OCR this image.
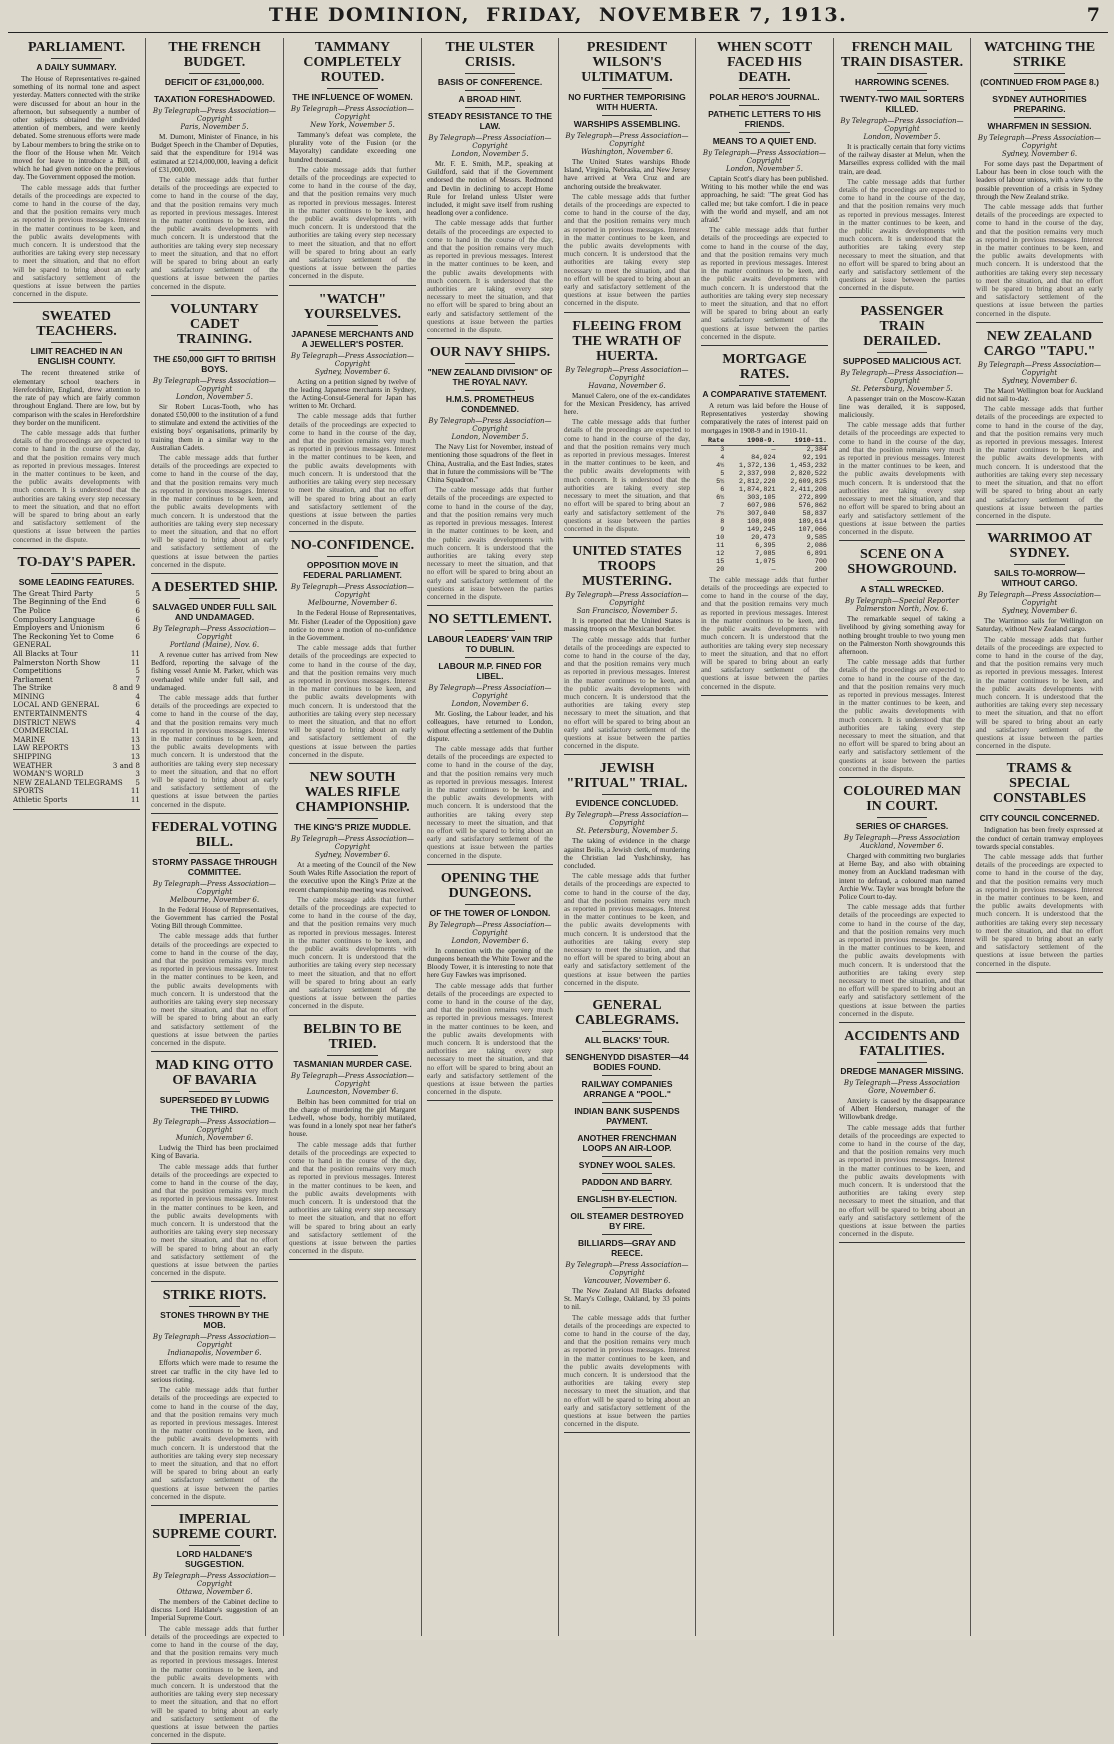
THE DOMINION, FRIDAY, NOVEMBER 7, 1913.	7
PARLIAMENT.
A DAILY SUMMARY.
The House of Representatives re-gained something of its normal tone and aspect yesterday. Matters connected with the strike were discussed for about an hour in the afternoon, but subsequently a number of other subjects obtained the undivided attention of members, and were keenly debated. Some strenuous efforts were made by Labour members to bring the strike on to the floor of the House when Mr. Veitch moved for leave to introduce a Bill, of which he had given notice on the previous day. The Government opposed the motion.
The cable message adds that further details of the proceedings are expected to come to hand in the course of the day, and that the position remains very much as reported in previous messages. Interest in the matter continues to be keen, and the public awaits developments with much concern. It is understood that the authorities are taking every step necessary to meet the situation, and that no effort will be spared to bring about an early and satisfactory settlement of the questions at issue between the parties concerned in the dispute.
SWEATED TEACHERS.
LIMIT REACHED IN AN ENGLISH COUNTY.
The recent threatened strike of elementary school teachers in Herefordshire, England, drew attention to the rate of pay which are fairly common throughout England. There are low, but by comparison with the scales in Herefordshire they border on the munificent.
The cable message adds that further details of the proceedings are expected to come to hand in the course of the day, and that the position remains very much as reported in previous messages. Interest in the matter continues to be keen, and the public awaits developments with much concern. It is understood that the authorities are taking every step necessary to meet the situation, and that no effort will be spared to bring about an early and satisfactory settlement of the questions at issue between the parties concerned in the dispute.
TO-DAY'S PAPER.
SOME LEADING FEATURES.
The Great Third Party	5
The Beginning of the End	6
The Police	6
Compulsory Language	6
Employers and Unionism	6
The Reckoning Yet to Come	6
GENERAL
All Blacks at Tour	11
Palmerston North Show	11
Competitions	5
Parliament	7
The Strike	8 and 9
MINING	4
LOCAL AND GENERAL	6
ENTERTAINMENTS	4
DISTRICT NEWS	4
COMMERCIAL	11
MARINE	13
LAW REPORTS	13
SHIPPING	13
WEATHER	3 and 8
WOMAN'S WORLD	3
NEW ZEALAND TELEGRAMS 5
SPORTS	11
Athletic Sports	11
THE FRENCH BUDGET.
DEFICIT OF £31,000,000.
TAXATION FORESHADOWED.
By Telegraph—Press Association—Copyright
Paris, November 5.
M. Dumont, Minister of Finance, in his Budget Speech in the Chamber of Deputies, said that the expenditure for 1914 was estimated at £214,000,000, leaving a deficit of £31,000,000.
The cable message adds that further details of the proceedings are expected to come to hand in the course of the day, and that the position remains very much as reported in previous messages. Interest in the matter continues to be keen, and the public awaits developments with much concern. It is understood that the authorities are taking every step necessary to meet the situation, and that no effort will be spared to bring about an early and satisfactory settlement of the questions at issue between the parties concerned in the dispute.
VOLUNTARY CADET TRAINING.
THE £50,000 GIFT TO BRITISH BOYS.
By Telegraph—Press Association—Copyright
London, November 5.
Sir Robert Lucas-Tooth, who has donated £50,000 to the institution of a fund to stimulate and extend the activities of the existing boys' organisations, primarily by training them in a similar way to the Australian Cadets.
The cable message adds that further details of the proceedings are expected to come to hand in the course of the day, and that the position remains very much as reported in previous messages. Interest in the matter continues to be keen, and the public awaits developments with much concern. It is understood that the authorities are taking every step necessary to meet the situation, and that no effort will be spared to bring about an early and satisfactory settlement of the questions at issue between the parties concerned in the dispute.
A DESERTED SHIP.
SALVAGED UNDER FULL SAIL AND UNDAMAGED.
By Telegraph—Press Association—Copyright
Portland (Maine), Nov. 6.
A revenue cutter has arrived from New Bedford, reporting the salvage of the fishing vessel Annie M. Parker, which was overhauled while under full sail, and undamaged.
The cable message adds that further details of the proceedings are expected to come to hand in the course of the day, and that the position remains very much as reported in previous messages. Interest in the matter continues to be keen, and the public awaits developments with much concern. It is understood that the authorities are taking every step necessary to meet the situation, and that no effort will be spared to bring about an early and satisfactory settlement of the questions at issue between the parties concerned in the dispute.
FEDERAL VOTING BILL.
STORMY PASSAGE THROUGH COMMITTEE.
By Telegraph—Press Association—Copyright
Melbourne, November 6.
In the Federal House of Representatives, the Government has carried the Postal Voting Bill through Committee.
The cable message adds that further details of the proceedings are expected to come to hand in the course of the day, and that the position remains very much as reported in previous messages. Interest in the matter continues to be keen, and the public awaits developments with much concern. It is understood that the authorities are taking every step necessary to meet the situation, and that no effort will be spared to bring about an early and satisfactory settlement of the questions at issue between the parties concerned in the dispute.
MAD KING OTTO OF BAVARIA
SUPERSEDED BY LUDWIG THE THIRD.
By Telegraph—Press Association—Copyright
Munich, November 6.
Ludwig the Third has been proclaimed King of Bavaria.
The cable message adds that further details of the proceedings are expected to come to hand in the course of the day, and that the position remains very much as reported in previous messages. Interest in the matter continues to be keen, and the public awaits developments with much concern. It is understood that the authorities are taking every step necessary to meet the situation, and that no effort will be spared to bring about an early and satisfactory settlement of the questions at issue between the parties concerned in the dispute.
STRIKE RIOTS.
STONES THROWN BY THE MOB.
By Telegraph—Press Association—Copyright
Indianapolis, November 6.
Efforts which were made to resume the street car traffic in the city have led to serious rioting.
The cable message adds that further details of the proceedings are expected to come to hand in the course of the day, and that the position remains very much as reported in previous messages. Interest in the matter continues to be keen, and the public awaits developments with much concern. It is understood that the authorities are taking every step necessary to meet the situation, and that no effort will be spared to bring about an early and satisfactory settlement of the questions at issue between the parties concerned in the dispute.
IMPERIAL SUPREME COURT.
LORD HALDANE'S SUGGESTION.
By Telegraph—Press Association—Copyright
Ottawa, November 6.
The members of the Cabinet decline to discuss Lord Haldane's suggestion of an Imperial Supreme Court.
The cable message adds that further details of the proceedings are expected to come to hand in the course of the day, and that the position remains very much as reported in previous messages. Interest in the matter continues to be keen, and the public awaits developments with much concern. It is understood that the authorities are taking every step necessary to meet the situation, and that no effort will be spared to bring about an early and satisfactory settlement of the questions at issue between the parties concerned in the dispute.
TAMMANY COMPLETELY ROUTED.
THE INFLUENCE OF WOMEN.
By Telegraph—Press Association—Copyright
New York, November 5.
Tammany's defeat was complete, the plurality vote of the Fusion (or the Mayoralty) candidate exceeding one hundred thousand.
The cable message adds that further details of the proceedings are expected to come to hand in the course of the day, and that the position remains very much as reported in previous messages. Interest in the matter continues to be keen, and the public awaits developments with much concern. It is understood that the authorities are taking every step necessary to meet the situation, and that no effort will be spared to bring about an early and satisfactory settlement of the questions at issue between the parties concerned in the dispute.
"WATCH" YOURSELVES.
JAPANESE MERCHANTS AND A JEWELLER'S POSTER.
By Telegraph—Press Association—Copyright
Sydney, November 6.
Acting on a petition signed by twelve of the leading Japanese merchants in Sydney, the Acting-Consul-General for Japan has written to Mr. Orchard.
The cable message adds that further details of the proceedings are expected to come to hand in the course of the day, and that the position remains very much as reported in previous messages. Interest in the matter continues to be keen, and the public awaits developments with much concern. It is understood that the authorities are taking every step necessary to meet the situation, and that no effort will be spared to bring about an early and satisfactory settlement of the questions at issue between the parties concerned in the dispute.
NO-CONFIDENCE.
OPPOSITION MOVE IN FEDERAL PARLIAMENT.
By Telegraph—Press Association—Copyright
Melbourne, November 6.
In the Federal House of Representatives, Mr. Fisher (Leader of the Opposition) gave notice to move a motion of no-confidence in the Government.
The cable message adds that further details of the proceedings are expected to come to hand in the course of the day, and that the position remains very much as reported in previous messages. Interest in the matter continues to be keen, and the public awaits developments with much concern. It is understood that the authorities are taking every step necessary to meet the situation, and that no effort will be spared to bring about an early and satisfactory settlement of the questions at issue between the parties concerned in the dispute.
NEW SOUTH WALES RIFLE CHAMPIONSHIP.
THE KING'S PRIZE MUDDLE.
By Telegraph—Press Association—Copyright
Sydney, November 6.
At a meeting of the Council of the New South Wales Rifle Association the report of the executive upon the King's Prize at the recent championship meeting was received.
The cable message adds that further details of the proceedings are expected to come to hand in the course of the day, and that the position remains very much as reported in previous messages. Interest in the matter continues to be keen, and the public awaits developments with much concern. It is understood that the authorities are taking every step necessary to meet the situation, and that no effort will be spared to bring about an early and satisfactory settlement of the questions at issue between the parties concerned in the dispute.
BELBIN TO BE TRIED.
TASMANIAN MURDER CASE.
By Telegraph—Press Association—Copyright
Launceston, November 6.
Belbin has been committed for trial on the charge of murdering the girl Margaret Ledwell, whose body, horribly mutilated, was found in a lonely spot near her father's house.
The cable message adds that further details of the proceedings are expected to come to hand in the course of the day, and that the position remains very much as reported in previous messages. Interest in the matter continues to be keen, and the public awaits developments with much concern. It is understood that the authorities are taking every step necessary to meet the situation, and that no effort will be spared to bring about an early and satisfactory settlement of the questions at issue between the parties concerned in the dispute.
THE ULSTER CRISIS.
BASIS OF CONFERENCE.
A BROAD HINT.
STEADY RESISTANCE TO THE LAW.
By Telegraph—Press Association—Copyright
London, November 5.
Mr. F. E. Smith, M.P., speaking at Guildford, said that if the Government endorsed the notion of Messrs. Redmond and Devlin in declining to accept Home Rule for Ireland unless Ulster were included, it might save itself from rushing headlong over a confidence.
The cable message adds that further details of the proceedings are expected to come to hand in the course of the day, and that the position remains very much as reported in previous messages. Interest in the matter continues to be keen, and the public awaits developments with much concern. It is understood that the authorities are taking every step necessary to meet the situation, and that no effort will be spared to bring about an early and satisfactory settlement of the questions at issue between the parties concerned in the dispute.
OUR NAVY SHIPS.
"NEW ZEALAND DIVISION" OF THE ROYAL NAVY.
H.M.S. PROMETHEUS CONDEMNED.
By Telegraph—Press Association—Copyright
London, November 5.
The Navy List for November, instead of mentioning those squadrons of the fleet in China, Australia, and the East Indies, states that in future the commissions will be "The China Squadron."
The cable message adds that further details of the proceedings are expected to come to hand in the course of the day, and that the position remains very much as reported in previous messages. Interest in the matter continues to be keen, and the public awaits developments with much concern. It is understood that the authorities are taking every step necessary to meet the situation, and that no effort will be spared to bring about an early and satisfactory settlement of the questions at issue between the parties concerned in the dispute.
NO SETTLEMENT.
LABOUR LEADERS' VAIN TRIP TO DUBLIN.
LABOUR M.P. FINED FOR LIBEL.
By Telegraph—Press Association—Copyright
London, November 6.
Mr. Gosling, the Labour leader, and his colleagues, have returned to London, without effecting a settlement of the Dublin dispute.
The cable message adds that further details of the proceedings are expected to come to hand in the course of the day, and that the position remains very much as reported in previous messages. Interest in the matter continues to be keen, and the public awaits developments with much concern. It is understood that the authorities are taking every step necessary to meet the situation, and that no effort will be spared to bring about an early and satisfactory settlement of the questions at issue between the parties concerned in the dispute.
OPENING THE DUNGEONS.
OF THE TOWER OF LONDON.
By Telegraph—Press Association—Copyright
London, November 6.
In connection with the opening of the dungeons beneath the White Tower and the Bloody Tower, it is interesting to note that here Guy Fawkes was imprisoned.
The cable message adds that further details of the proceedings are expected to come to hand in the course of the day, and that the position remains very much as reported in previous messages. Interest in the matter continues to be keen, and the public awaits developments with much concern. It is understood that the authorities are taking every step necessary to meet the situation, and that no effort will be spared to bring about an early and satisfactory settlement of the questions at issue between the parties concerned in the dispute.
PRESIDENT WILSON'S ULTIMATUM.
NO FURTHER TEMPORISING WITH HUERTA.
WARSHIPS ASSEMBLING.
By Telegraph—Press Association—Copyright
Washington, November 6.
The United States warships Rhode Island, Virginia, Nebraska, and New Jersey have arrived at Vera Cruz and are anchoring outside the breakwater.
The cable message adds that further details of the proceedings are expected to come to hand in the course of the day, and that the position remains very much as reported in previous messages. Interest in the matter continues to be keen, and the public awaits developments with much concern. It is understood that the authorities are taking every step necessary to meet the situation, and that no effort will be spared to bring about an early and satisfactory settlement of the questions at issue between the parties concerned in the dispute.
FLEEING FROM THE WRATH OF HUERTA.
By Telegraph—Press Association—Copyright
Havana, November 6.
Manuel Calero, one of the ex-candidates for the Mexican Presidency, has arrived here.
The cable message adds that further details of the proceedings are expected to come to hand in the course of the day, and that the position remains very much as reported in previous messages. Interest in the matter continues to be keen, and the public awaits developments with much concern. It is understood that the authorities are taking every step necessary to meet the situation, and that no effort will be spared to bring about an early and satisfactory settlement of the questions at issue between the parties concerned in the dispute.
UNITED STATES TROOPS MUSTERING.
By Telegraph—Press Association—Copyright
San Francisco, November 5.
It is reported that the United States is massing troops on the Mexican border.
The cable message adds that further details of the proceedings are expected to come to hand in the course of the day, and that the position remains very much as reported in previous messages. Interest in the matter continues to be keen, and the public awaits developments with much concern. It is understood that the authorities are taking every step necessary to meet the situation, and that no effort will be spared to bring about an early and satisfactory settlement of the questions at issue between the parties concerned in the dispute.
JEWISH "RITUAL" TRIAL.
EVIDENCE CONCLUDED.
By Telegraph—Press Association—Copyright
St. Petersburg, November 5.
The taking of evidence in the charge against Beilis, a Jewish clerk, of murdering the Christian lad Yushchinsky, has concluded.
The cable message adds that further details of the proceedings are expected to come to hand in the course of the day, and that the position remains very much as reported in previous messages. Interest in the matter continues to be keen, and the public awaits developments with much concern. It is understood that the authorities are taking every step necessary to meet the situation, and that no effort will be spared to bring about an early and satisfactory settlement of the questions at issue between the parties concerned in the dispute.
GENERAL CABLEGRAMS.
ALL BLACKS' TOUR.
SENGHENYDD DISASTER—44 BODIES FOUND.
RAILWAY COMPANIES ARRANGE A "POOL."
INDIAN BANK SUSPENDS PAYMENT.
ANOTHER FRENCHMAN LOOPS AN AIR-LOOP.
SYDNEY WOOL SALES.
PADDON AND BARRY.
ENGLISH BY-ELECTION.
OIL STEAMER DESTROYED BY FIRE.
BILLIARDS—GRAY AND REECE.
By Telegraph—Press Association—Copyright
Vancouver, November 6.
The New Zealand All Blacks defeated St. Mary's College, Oakland, by 33 points to nil.
The cable message adds that further details of the proceedings are expected to come to hand in the course of the day, and that the position remains very much as reported in previous messages. Interest in the matter continues to be keen, and the public awaits developments with much concern. It is understood that the authorities are taking every step necessary to meet the situation, and that no effort will be spared to bring about an early and satisfactory settlement of the questions at issue between the parties concerned in the dispute.
WHEN SCOTT FACED HIS DEATH.
POLAR HERO'S JOURNAL.
PATHETIC LETTERS TO HIS FRIENDS.
MEANS TO A QUIET END.
By Telegraph—Press Association—Copyright
London, November 5.
Captain Scott's diary has been published. Writing to his mother while the end was approaching, he said: "The great God has called me; but take comfort. I die in peace with the world and myself, and am not afraid."
The cable message adds that further details of the proceedings are expected to come to hand in the course of the day, and that the position remains very much as reported in previous messages. Interest in the matter continues to be keen, and the public awaits developments with much concern. It is understood that the authorities are taking every step necessary to meet the situation, and that no effort will be spared to bring about an early and satisfactory settlement of the questions at issue between the parties concerned in the dispute.
MORTGAGE RATES.
A COMPARATIVE STATEMENT.
A return was laid before the House of Representatives yesterday showing comparatively the rates of interest paid on mortgages in 1908-9 and in 1910-11.
Rate	1908-9.	1910-11.
3	—	2,384
4	84,024	92,191
4½	1,372,136	1,453,232
5	2,337,998	2,820,522
5½	2,812,220	2,609,825
6	1,874,821	2,411,208
6½	303,105	272,899
7	607,986	576,862
7½	307,040	58,837
8	108,098	189,614
9	149,245	107,066
10	20,473	9,585
11	6,395	2,086
12	7,085	6,891
15	1,075	700
20	—	200
The cable message adds that further details of the proceedings are expected to come to hand in the course of the day, and that the position remains very much as reported in previous messages. Interest in the matter continues to be keen, and the public awaits developments with much concern. It is understood that the authorities are taking every step necessary to meet the situation, and that no effort will be spared to bring about an early and satisfactory settlement of the questions at issue between the parties concerned in the dispute.
FRENCH MAIL TRAIN DISASTER.
HARROWING SCENES.
TWENTY-TWO MAIL SORTERS KILLED.
By Telegraph—Press Association—Copyright
London, November 5.
It is practically certain that forty victims of the railway disaster at Melun, when the Marseilles express collided with the mail train, are dead.
The cable message adds that further details of the proceedings are expected to come to hand in the course of the day, and that the position remains very much as reported in previous messages. Interest in the matter continues to be keen, and the public awaits developments with much concern. It is understood that the authorities are taking every step necessary to meet the situation, and that no effort will be spared to bring about an early and satisfactory settlement of the questions at issue between the parties concerned in the dispute.
PASSENGER TRAIN DERAILED.
SUPPOSED MALICIOUS ACT.
By Telegraph—Press Association—Copyright
St. Petersburg, November 5.
A passenger train on the Moscow-Kazan line was derailed, it is supposed, maliciously.
The cable message adds that further details of the proceedings are expected to come to hand in the course of the day, and that the position remains very much as reported in previous messages. Interest in the matter continues to be keen, and the public awaits developments with much concern. It is understood that the authorities are taking every step necessary to meet the situation, and that no effort will be spared to bring about an early and satisfactory settlement of the questions at issue between the parties concerned in the dispute.
SCENE ON A SHOWGROUND.
A STALL WRECKED.
By Telegraph—Special Reporter
Palmerston North, Nov. 6.
The remarkable sequel of taking a livelihood by giving something away for nothing brought trouble to two young men on the Palmerston North showgrounds this afternoon.
The cable message adds that further details of the proceedings are expected to come to hand in the course of the day, and that the position remains very much as reported in previous messages. Interest in the matter continues to be keen, and the public awaits developments with much concern. It is understood that the authorities are taking every step necessary to meet the situation, and that no effort will be spared to bring about an early and satisfactory settlement of the questions at issue between the parties concerned in the dispute.
COLOURED MAN IN COURT.
SERIES OF CHARGES.
By Telegraph—Press Association
Auckland, November 6.
Charged with committing two burglaries at Herne Bay, and also with obtaining money from an Auckland tradesman with intent to defraud, a coloured man named Archie Ww. Tayler was brought before the Police Court to-day.
The cable message adds that further details of the proceedings are expected to come to hand in the course of the day, and that the position remains very much as reported in previous messages. Interest in the matter continues to be keen, and the public awaits developments with much concern. It is understood that the authorities are taking every step necessary to meet the situation, and that no effort will be spared to bring about an early and satisfactory settlement of the questions at issue between the parties concerned in the dispute.
ACCIDENTS AND FATALITIES.
DREDGE MANAGER MISSING.
By Telegraph—Press Association
Gore, November 6.
Anxiety is caused by the disappearance of Albert Henderson, manager of the Willowbank dredge.
The cable message adds that further details of the proceedings are expected to come to hand in the course of the day, and that the position remains very much as reported in previous messages. Interest in the matter continues to be keen, and the public awaits developments with much concern. It is understood that the authorities are taking every step necessary to meet the situation, and that no effort will be spared to bring about an early and satisfactory settlement of the questions at issue between the parties concerned in the dispute.
WATCHING THE STRIKE
(CONTINUED FROM PAGE 8.)
SYDNEY AUTHORITIES PREPARING.
WHARFMEN IN SESSION.
By Telegraph—Press Association—Copyright
Sydney, November 6.
For some days past the Department of Labour has been in close touch with the leaders of labour unions, with a view to the possible prevention of a crisis in Sydney through the New Zealand strike.
The cable message adds that further details of the proceedings are expected to come to hand in the course of the day, and that the position remains very much as reported in previous messages. Interest in the matter continues to be keen, and the public awaits developments with much concern. It is understood that the authorities are taking every step necessary to meet the situation, and that no effort will be spared to bring about an early and satisfactory settlement of the questions at issue between the parties concerned in the dispute.
NEW ZEALAND CARGO "TAPU."
By Telegraph—Press Association—Copyright
Sydney, November 6.
The Maori Wellington boat for Auckland did not sail to-day.
The cable message adds that further details of the proceedings are expected to come to hand in the course of the day, and that the position remains very much as reported in previous messages. Interest in the matter continues to be keen, and the public awaits developments with much concern. It is understood that the authorities are taking every step necessary to meet the situation, and that no effort will be spared to bring about an early and satisfactory settlement of the questions at issue between the parties concerned in the dispute.
WARRIMOO AT SYDNEY.
SAILS TO-MORROW—WITHOUT CARGO.
By Telegraph—Press Association—Copyright
Sydney, November 6.
The Warrimoo sails for Wellington on Saturday, without New Zealand cargo.
The cable message adds that further details of the proceedings are expected to come to hand in the course of the day, and that the position remains very much as reported in previous messages. Interest in the matter continues to be keen, and the public awaits developments with much concern. It is understood that the authorities are taking every step necessary to meet the situation, and that no effort will be spared to bring about an early and satisfactory settlement of the questions at issue between the parties concerned in the dispute.
TRAMS & SPECIAL CONSTABLES
CITY COUNCIL CONCERNED.
Indignation has been freely expressed at the conduct of certain tramway employees towards special constables.
The cable message adds that further details of the proceedings are expected to come to hand in the course of the day, and that the position remains very much as reported in previous messages. Interest in the matter continues to be keen, and the public awaits developments with much concern. It is understood that the authorities are taking every step necessary to meet the situation, and that no effort will be spared to bring about an early and satisfactory settlement of the questions at issue between the parties concerned in the dispute.
